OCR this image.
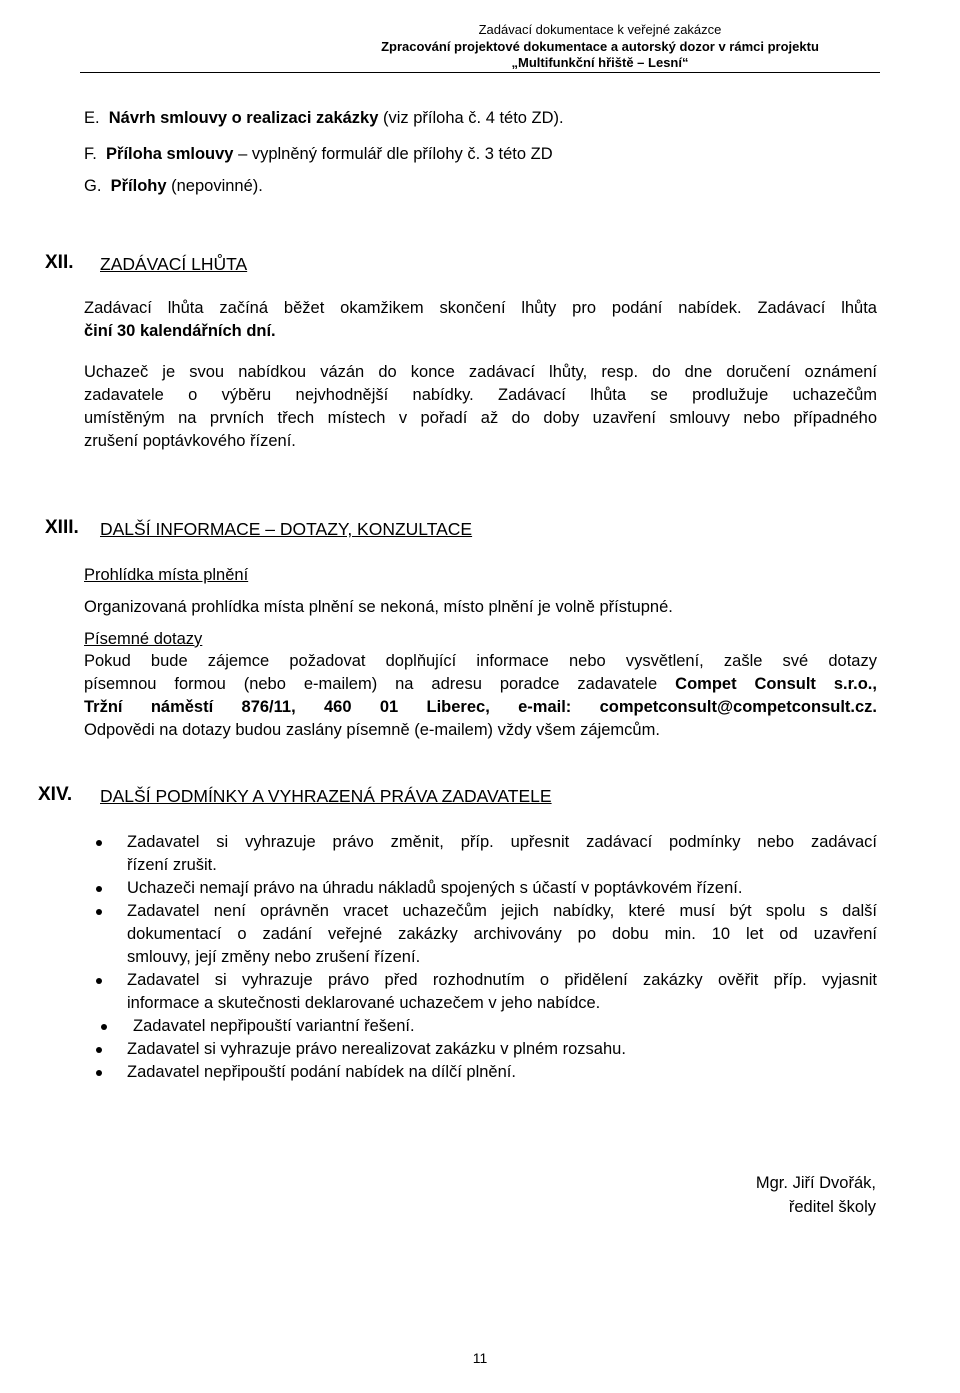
Zadávací dokumentace k veřejné zakázce
Zpracování projektové dokumentace a autorský dozor v rámci projektu
„Multifunkční hřiště – Lesní“
E. Návrh smlouvy o realizaci zakázky (viz příloha č. 4 této ZD).
F. Příloha smlouvy – vyplněný formulář dle přílohy č. 3 této ZD
G. Přílohy (nepovinné).
XII. ZADÁVACÍ LHŮTA
Zadávací lhůta začíná běžet okamžikem skončení lhůty pro podání nabídek. Zadávací lhůta
činí 30 kalendářních dní.
Uchazeč je svou nabídkou vázán do konce zadávací lhůty, resp. do dne doručení oznámení
zadavatele o výběru nejvhodnější nabídky. Zadávací lhůta se prodlužuje uchazečům
umístěným na prvních třech místech v pořadí až do doby uzavření smlouvy nebo případného
zrušení poptávkového řízení.
XIII. DALŠÍ INFORMACE – DOTAZY, KONZULTACE
Prohlídka místa plnění
Organizovaná prohlídka místa plnění se nekoná, místo plnění je volně přístupné.
Písemné dotazy
Pokud bude zájemce požadovat doplňující informace nebo vysvětlení, zašle své dotazy
písemnou formou (nebo e-mailem) na adresu poradce zadavatele Compet Consult s.r.o.,
Tržní náměstí 876/11, 460 01 Liberec, e-mail: competconsult@competconsult.cz.
Odpovědi na dotazy budou zaslány písemně (e-mailem) vždy všem zájemcům.
XIV. DALŠÍ PODMÍNKY A VYHRAZENÁ PRÁVA ZADAVATELE
Zadavatel si vyhrazuje právo změnit, příp. upřesnit zadávací podmínky nebo zadávací
řízení zrušit.
Uchazeči nemají právo na úhradu nákladů spojených s účastí v poptávkovém řízení.
Zadavatel není oprávněn vracet uchazečům jejich nabídky, které musí být spolu s další
dokumentací o zadání veřejné zakázky archivovány po dobu min. 10 let od uzavření
smlouvy, její změny nebo zrušení řízení.
Zadavatel si vyhrazuje právo před rozhodnutím o přidělení zakázky ověřit příp. vyjasnit
informace a skutečnosti deklarované uchazečem v jeho nabídce.
Zadavatel nepřipouští variantní řešení.
Zadavatel si vyhrazuje právo nerealizovat zakázku v plném rozsahu.
Zadavatel nepřipouští podání nabídek na dílčí plnění.
Mgr. Jiří Dvořák,
ředitel školy
11
